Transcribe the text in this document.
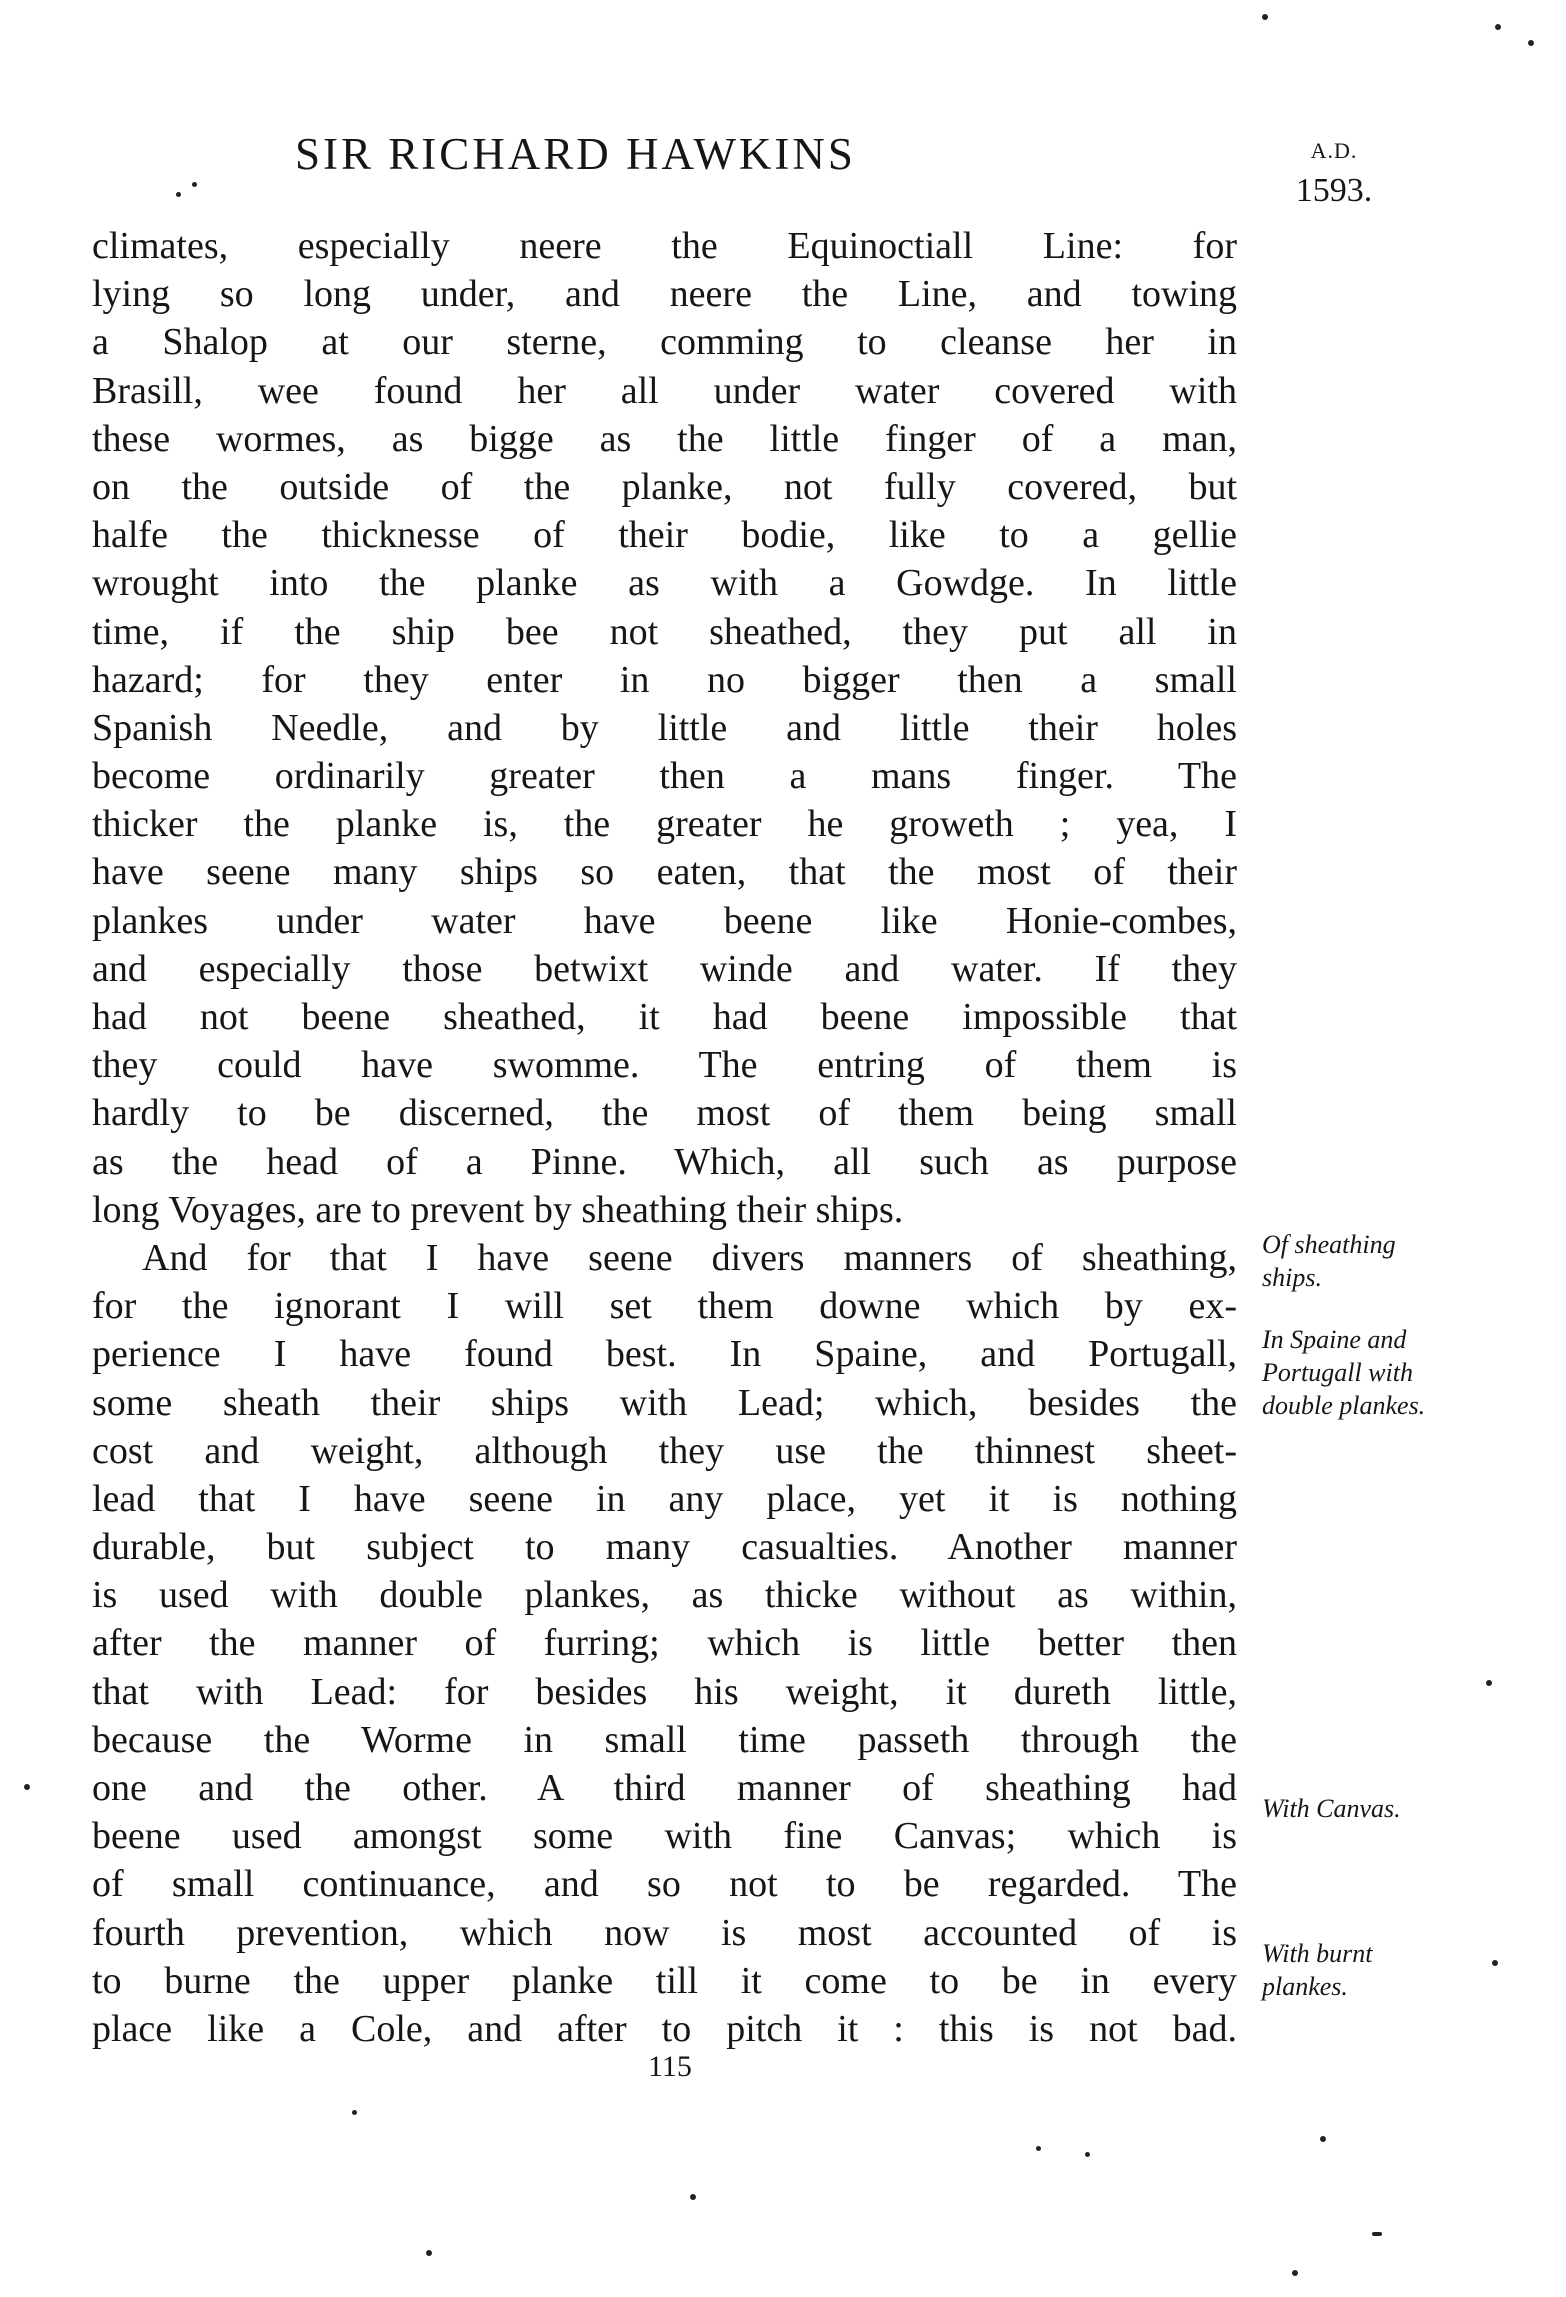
SIR RICHARD HAWKINS	A.D.
1593.
climates, especially neere the Equinoctiall Line: for
lying so long under, and neere the Line, and towing
a Shalop at our sterne, comming to cleanse her in
Brasill, wee found her all under water covered with
these wormes, as bigge as the little finger of a man,
on the outside of the planke, not fully covered, but
halfe the thicknesse of their bodie, like to a gellie
wrought into the planke as with a Gowdge. In little
time, if the ship bee not sheathed, they put all in
hazard; for they enter in no bigger then a small
Spanish Needle, and by little and little their holes
become ordinarily greater then a mans finger. The
thicker the planke is, the greater he groweth ; yea, I
have seene many ships so eaten, that the most of their
plankes under water have beene like Honie-combes,
and especially those betwixt winde and water. If they
had not beene sheathed, it had beene impossible that
they could have swomme. The entring of them is
hardly to be discerned, the most of them being small
as the head of a Pinne. Which, all such as purpose
long Voyages, are to prevent by sheathing their ships.
And for that I have seene divers manners of sheathing,
for the ignorant I will set them downe which by ex-
perience I have found best. In Spaine, and Portugall,
some sheath their ships with Lead; which, besides the
cost and weight, although they use the thinnest sheet-
lead that I have seene in any place, yet it is nothing
durable, but subject to many casualties. Another manner
is used with double plankes, as thicke without as within,
after the manner of furring; which is little better then
that with Lead: for besides his weight, it dureth little,
because the Worme in small time passeth through the
one and the other. A third manner of sheathing had
beene used amongst some with fine Canvas; which is
of small continuance, and so not to be regarded. The
fourth prevention, which now is most accounted of is
to burne the upper planke till it come to be in every
place like a Cole, and after to pitch it : this is not bad.
Of sheathing
ships.
In Spaine and
Portugall with
double plankes.
With Canvas.
With burnt
plankes.
115
